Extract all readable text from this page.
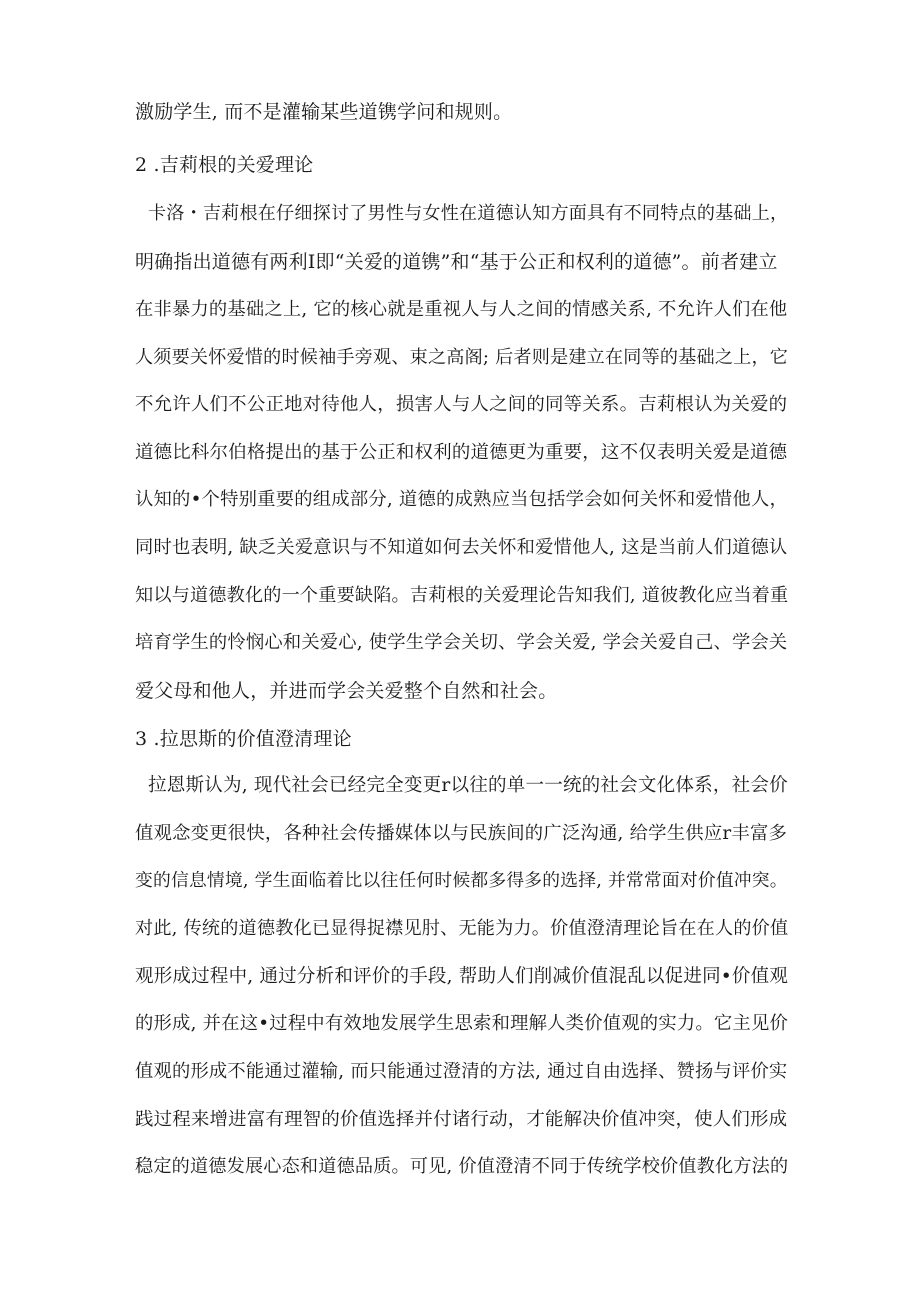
激励学生, 而不是灌输某些道镌学问和规则。

2 .吉莉根的关爱理论

卡洛・吉莉根在仔细探讨了男性与女性在道德认知方面具有不同特点的基础上，

明确指出道德有两利I即“关爱的道镌”和“基于公正和权利的道德”。前者建立

在非暴力的基础之上, 它的核心就是重视人与人之间的情感关系, 不允许人们在他

人须要关怀爱惜的时候袖手旁观、束之高阁; 后者则是建立在同等的基础之上，它

不允许人们不公正地对待他人，损害人与人之间的同等关系。吉莉根认为关爱的

道德比科尔伯格提出的基于公正和权利的道德更为重要，这不仅表明关爱是道德

认知的•个特别重要的组成部分, 道德的成熟应当包括学会如何关怀和爱惜他人，

同时也表明, 缺乏关爱意识与不知道如何去关怀和爱惜他人, 这是当前人们道德认

知以与道德教化的一个重要缺陷。吉莉根的关爱理论告知我们, 道彼教化应当着重

培育学生的怜悯心和关爱心, 使学生学会关切、学会关爱, 学会关爱自己、学会关

爱父母和他人，并进而学会关爱整个自然和社会。

3 .拉思斯的价值澄清理论

拉恩斯认为, 现代社会已经完全变更r以往的单一一统的社会文化体系，社会价

值观念变更很快，各种社会传播媒体以与民族间的广泛沟通, 给学生供应r丰富多

变的信息情境, 学生面临着比以往任何时候都多得多的选择, 并常常面对价值冲突。

对此, 传统的道德教化已显得捉襟见肘、无能为力。价值澄清理论旨在在人的价值

观形成过程中, 通过分析和评价的手段, 帮助人们削减价值混乱以促进同•价值观

的形成, 并在这•过程中有效地发展学生思索和理解人类价值观的实力。它主见价

值观的形成不能通过灌输, 而只能通过澄清的方法, 通过自由选择、赞扬与评价实

践过程来增进富有理智的价值选择并付诸行动，才能解决价值冲突，使人们形成

稳定的道德发展心态和道德品质。可见, 价值澄清不同于传统学校价值教化方法的
